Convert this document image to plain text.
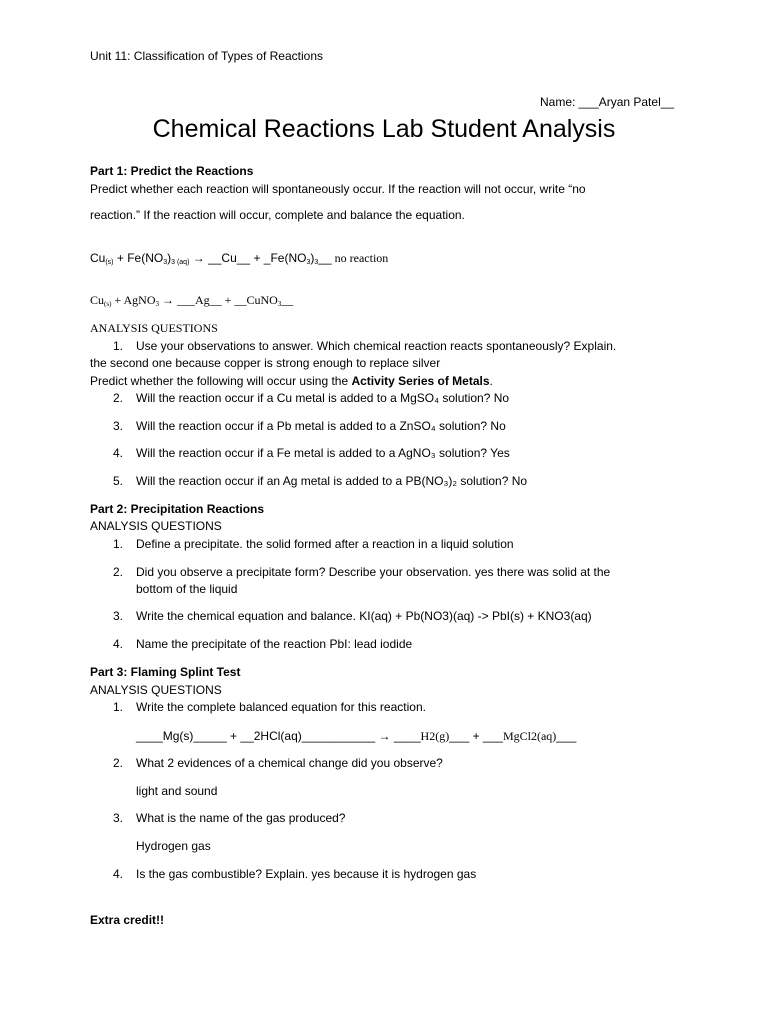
Unit 11: Classification of Types of Reactions
Name: ___Aryan Patel__
Chemical Reactions Lab Student Analysis
Part 1: Predict the Reactions
Predict whether each reaction will spontaneously occur. If the reaction will not occur, write “no
reaction.” If the reaction will occur, complete and balance the equation.
$Cu_{(s)} + Fe(NO_3)_{3 (aq)}$ → __Cu__ + $\_Fe(NO_3)_3\_\_$ no reaction
$Cu_{(s)}$ + AgNO$_3$ → ___Ag__ + __CuNO$_3$__
ANALYSIS QUESTIONS
1. Use your observations to answer. Which chemical reaction reacts spontaneously? Explain.
the second one because copper is strong enough to replace silver
Predict whether the following will occur using the Activity Series of Metals.
2. Will the reaction occur if a Cu metal is added to a MgSO₄ solution? No
3. Will the reaction occur if a Pb metal is added to a ZnSO₄ solution? No
4. Will the reaction occur if a Fe metal is added to a AgNO₃ solution? Yes
5. Will the reaction occur if an Ag metal is added to a PB(NO₃)₂ solution? No
Part 2: Precipitation Reactions
ANALYSIS QUESTIONS
1. Define a precipitate. the solid formed after a reaction in a liquid solution
2. Did you observe a precipitate form? Describe your observation. yes there was solid at the
bottom of the liquid
3. Write the chemical equation and balance. KI(aq) + Pb(NO3)(aq) -> PbI(s) + KNO3(aq)
4. Name the precipitate of the reaction PbI: lead iodide
Part 3: Flaming Splint Test
ANALYSIS QUESTIONS
1. Write the complete balanced equation for this reaction.
____Mg(s)_____ + __2HCl(aq)___________ → ____H2(g)___ + ___MgCl2(aq)___
2. What 2 evidences of a chemical change did you observe?
light and sound
3. What is the name of the gas produced?
Hydrogen gas
4. Is the gas combustible? Explain. yes because it is hydrogen gas
Extra credit!!
